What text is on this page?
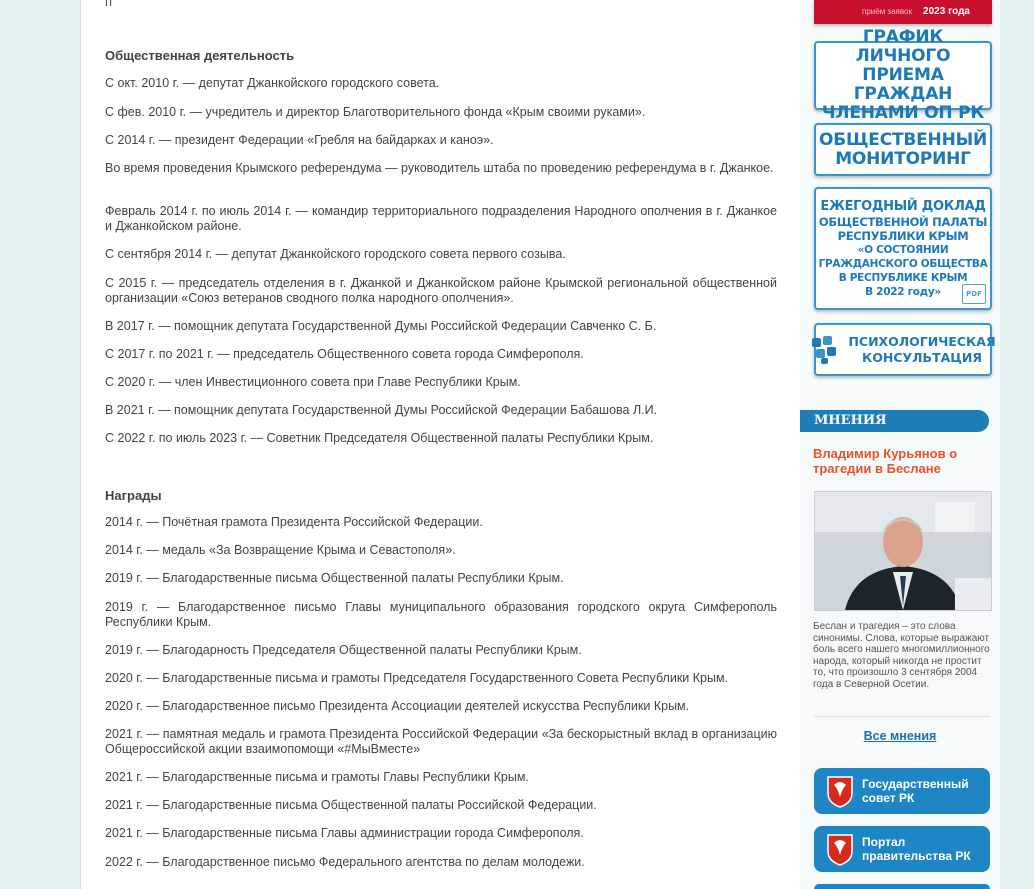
п
Общественная деятельность
С окт. 2010 г. — депутат Джанкойского городского совета.
С фев. 2010 г. — учредитель и директор Благотворительного фонда «Крым своими руками».
С 2014 г. — президент Федерации «Гребля на байдарках и каноэ».
Во время проведения Крымского референдума — руководитель штаба по проведению референдума в г. Джанкое.
Февраль 2014 г. по июль 2014 г. — командир территориального подразделения Народного ополчения в г. Джанкое и Джанкойском районе.
С сентября 2014 г. — депутат Джанкойского городского совета первого созыва.
С 2015 г. — председатель отделения в г. Джанкой и Джанкойском районе Крымской региональной общественной организации «Союз ветеранов сводного полка народного ополчения».
В 2017 г. — помощник депутата Государственной Думы Российской Федерации Савченко С. Б.
С 2017 г. по 2021 г. — председатель Общественного совета города Симферополя.
С 2020 г. — член Инвестиционного совета при Главе Республики Крым.
В 2021 г. — помощник депутата Государственной Думы Российской Федерации Бабашова Л.И.
С 2022 г. по июль 2023 г. — Советник Председателя Общественной палаты Республики Крым.
Награды
2014 г. — Почётная грамота Президента Российской Федерации.
2014 г. — медаль «За Возвращение Крыма и Севастополя».
2019 г. — Благодарственные письма Общественной палаты Республики Крым.
2019 г. — Благодарственное письмо Главы муниципального образования городского округа Симферополь Республики Крым.
2019 г. — Благодарность Председателя Общественной палаты Республики Крым.
2020 г. — Благодарственные письма и грамоты Председателя Государственного Совета Республики Крым.
2020 г. — Благодарственное письмо Президента Ассоциации деятелей искусства Республики Крым.
2021 г. — памятная медаль и грамота Президента Российской Федерации «За бескорыстный вклад в организацию Общероссийской акции взаимопомощи «#МыВместе»
2021 г. — Благодарственные письма и грамоты Главы Республики Крым.
2021 г. — Благодарственные письма Общественной палаты Российской Федерации.
2021 г. — Благодарственные письма Главы администрации города Симферополя.
2022 г. — Благодарственное письмо Федерального агентства по делам молодежи.
приём заявок 2023 года
ГРАФИК ЛИЧНОГО
ПРИЕМА ГРАЖДАН
ЧЛЕНАМИ ОП РК
ОБЩЕСТВЕННЫЙ
МОНИТОРИНГ
ЕЖЕГОДНЫЙ ДОКЛАД
ОБЩЕСТВЕННОЙ ПАЛАТЫ
РЕСПУБЛИКИ КРЫМ
«О СОСТОЯНИИ
ГРАЖДАНСКОГО ОБЩЕСТВА
В РЕСПУБЛИКЕ КРЫМ
В 2022 году»	PDF
ПСИХОЛОГИЧЕСКАЯ
КОНСУЛЬТАЦИЯ
МНЕНИЯ
Владимир Курьянов о трагедии в Беслане
Беслан и трагедия – это слова синонимы. Слова, которые выражают боль всего нашего многомиллионного народа, который никогда не простит то, что произошло 3 сентября 2004 года в Северной Осетии.
Все мнения
Государственный
совет РК
Портал
правительства РК
